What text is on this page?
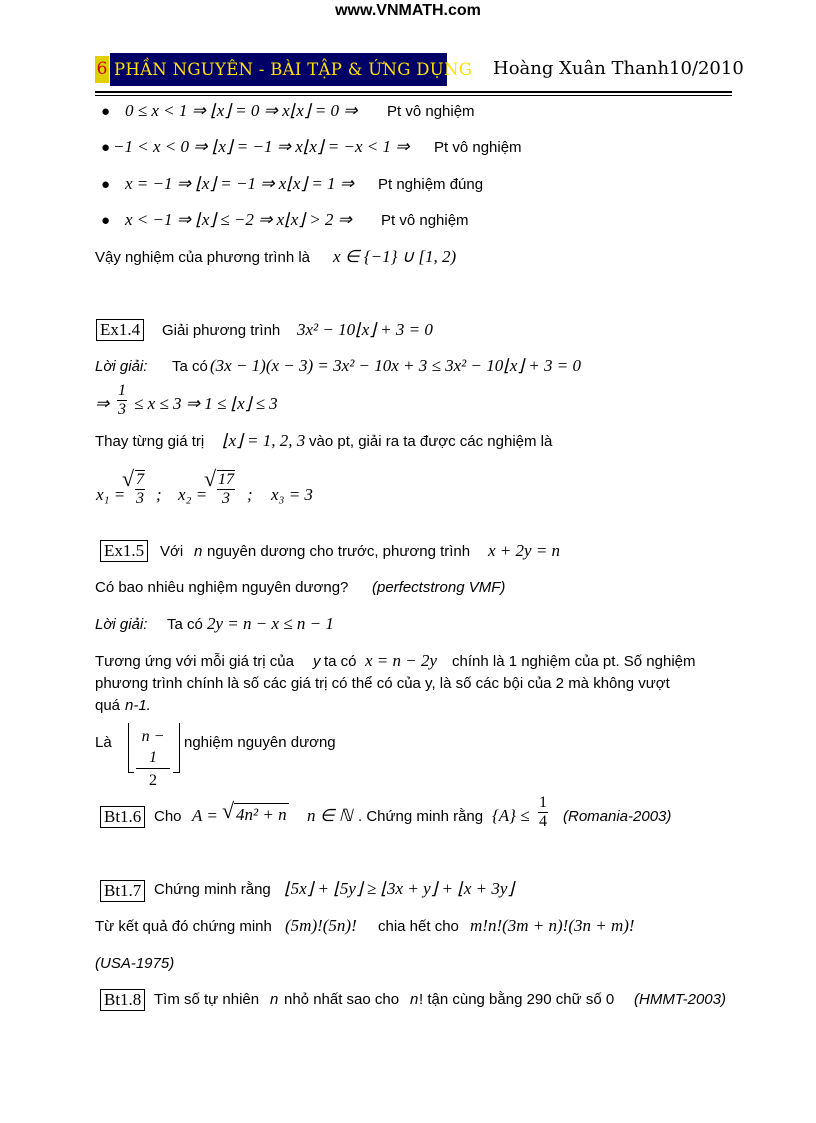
www.VNMATH.com
6 PHẦN NGUYÊN - BÀI TẬP & ỨNG DỤNG Hoàng Xuân Thanh 10/2010
● 0 ≤ x < 1 ⇒ ⌊x⌋ = 0 ⇒ x⌊x⌋ = 0 ⇒ Pt vô nghiệm
● −1 < x < 0 ⇒ ⌊x⌋ = −1 ⇒ x⌊x⌋ = −x < 1 ⇒ Pt vô nghiệm
● x = −1 ⇒ ⌊x⌋ = −1 ⇒ x⌊x⌋ = 1 ⇒ Pt nghiệm đúng
● x < −1 ⇒ ⌊x⌋ ≤ −2 ⇒ x⌊x⌋ > 2 ⇒ Pt vô nghiệm
Vậy nghiệm của phương trình là x ∈ {−1} ∪ [1, 2)
Ex1.4 Giải phương trình 3x² − 10⌊x⌋ + 3 = 0
Lời giải: Ta có (3x − 1)(x − 3) = 3x² − 10x + 3 ≤ 3x² − 10⌊x⌋ + 3 = 0
⇒ $\frac{1}{3} \le x \le 3$ ⇒ 1 ≤ ⌊x⌋ ≤ 3
Thay từng giá trị ⌊x⌋ = 1, 2, 3 vào pt, giải ra ta được các nghiệm là
x₁ =
√ $\frac{7}{3}$ ; x₂ =
√ $\frac{17}{3}$ ; x₃ = 3
Ex1.5 Với n nguyên dương cho trước, phương trình x + 2y = n
Có bao nhiêu nghiệm nguyên dương? (perfectstrong VMF)
Lời giải: Ta có 2y = n − x ≤ n − 1
Tương ứng với mỗi giá trị của y ta có x = n − 2y chính là 1 nghiệm của pt. Số nghiệm
phương trình chính là số các giá trị có thể có của y, là số các bội của 2 mà không vượt
quá n-1.
Là $\frac{n - 1}{2}$ nghiệm nguyên dương
Bt1.6 Cho A = √ 4n² + n n ∈ ℕ . Chứng minh rằng $\{A\} \le \frac{1}{4}$ (Romania-2003)
Bt1.7 Chứng minh rằng ⌊5x⌋ + ⌊5y⌋ ≥ ⌊3x + y⌋ + ⌊x + 3y⌋
Từ kết quả đó chứng minh (5m)!(5n)! chia hết cho m!n!(3m + n)!(3n + m)!
(USA-1975)
Bt1.8 Tìm số tự nhiên n nhỏ nhất sao cho n ! tận cùng bằng 290 chữ số 0 (HMMT-2003)
